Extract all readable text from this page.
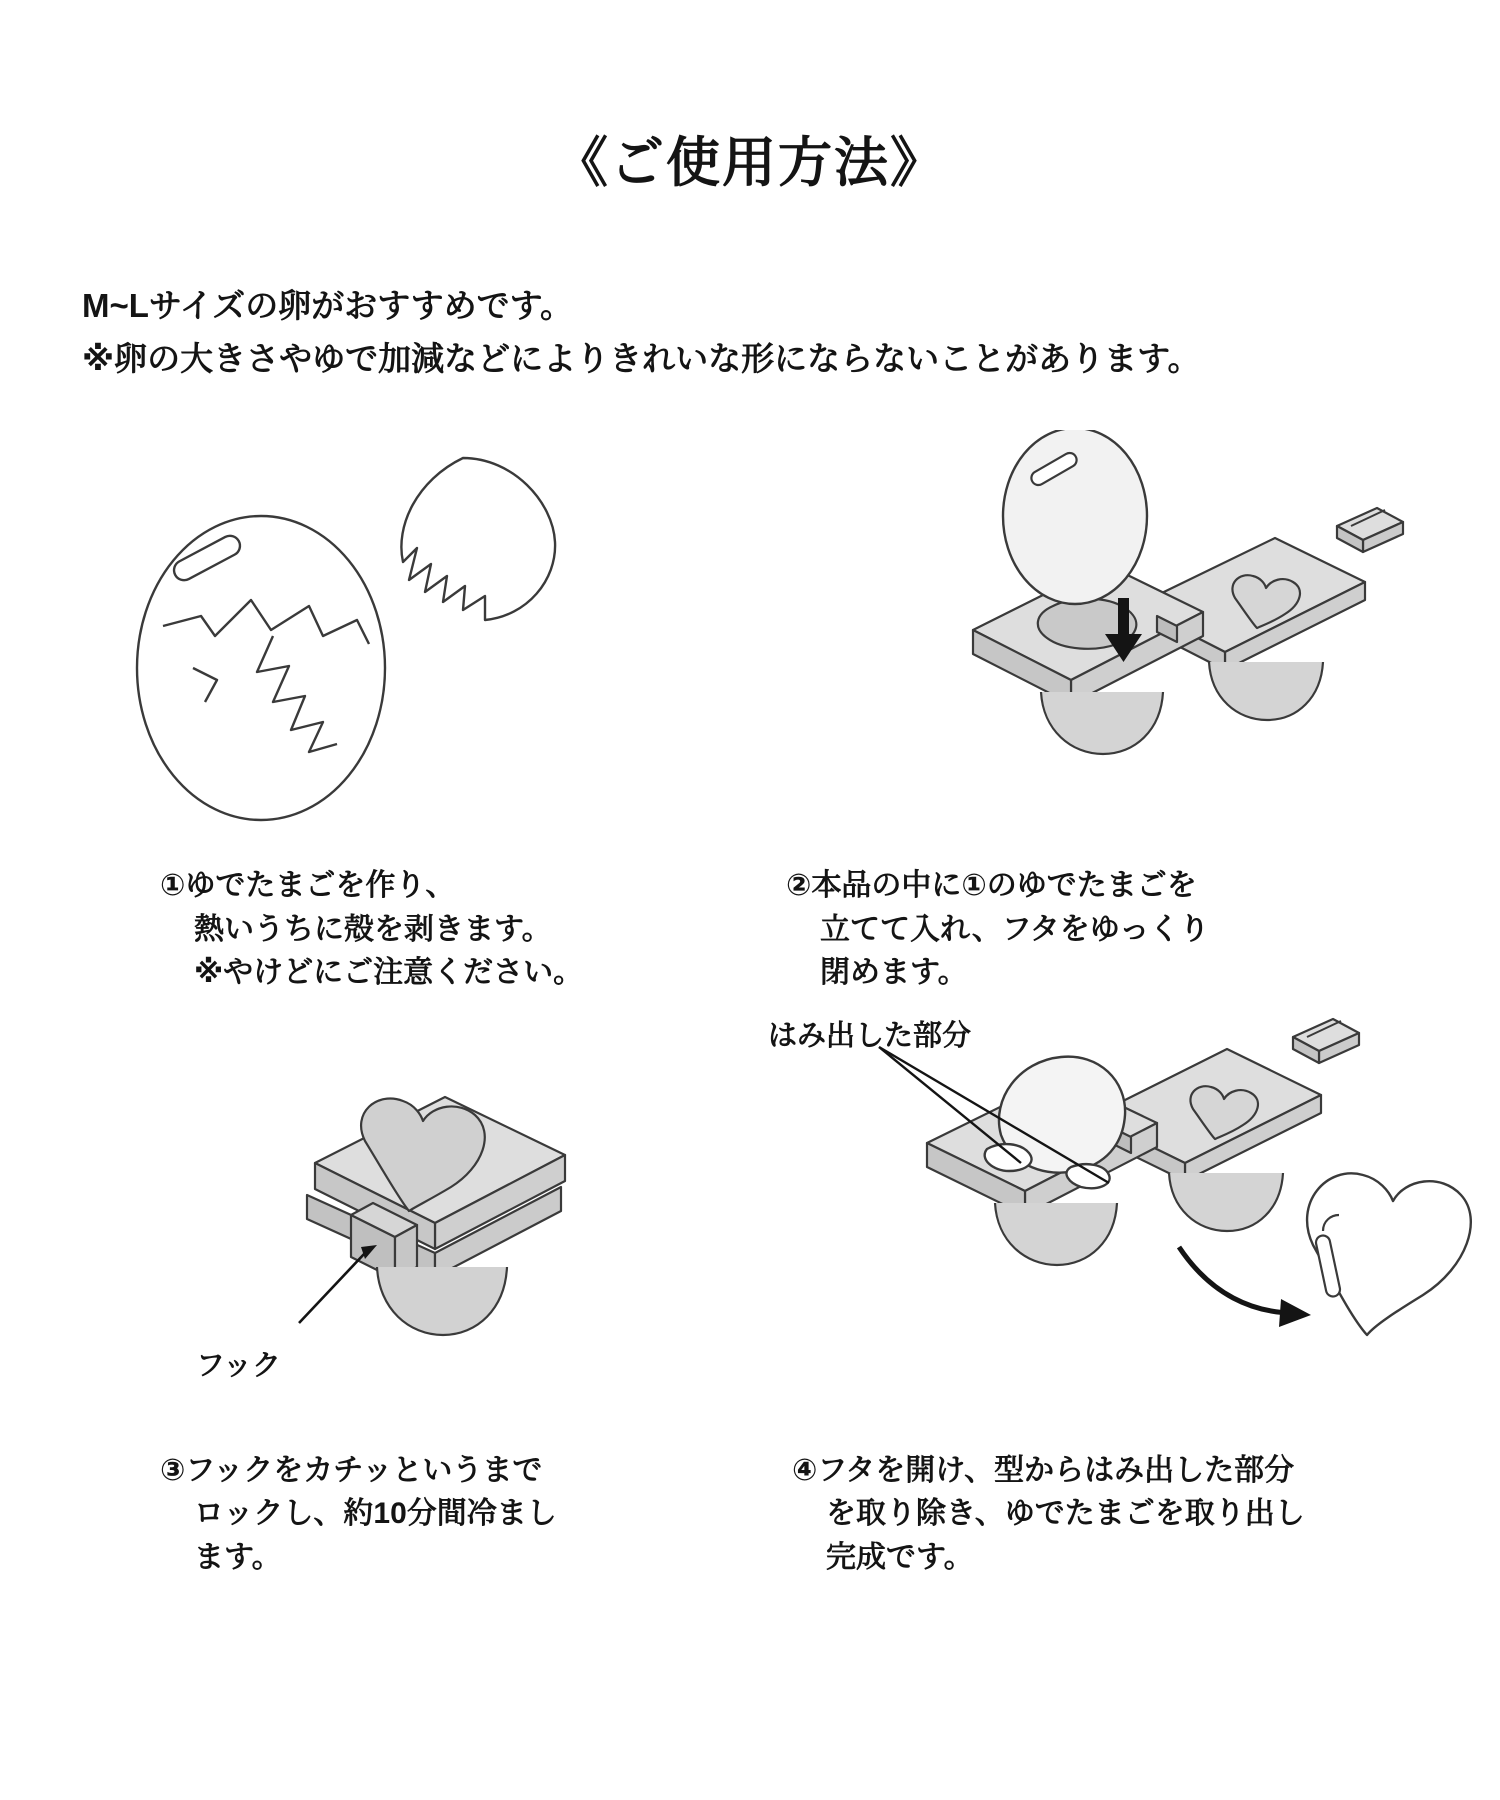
《ご使用方法》
M~Lサイズの卵がおすすめです。
※卵の大きさやゆで加減などによりきれいな形にならないことがあります。
①ゆでたまごを作り、
熱いうちに殻を剥きます。
※やけどにご注意ください。
②本品の中に①のゆでたまごを
立てて入れ、フタをゆっくり
閉めます。
フック
③フックをカチッというまで
ロックし、約10分間冷まし
ます。
はみ出した部分
④フタを開け、型からはみ出した部分
を取り除き、ゆでたまごを取り出し
完成です。
